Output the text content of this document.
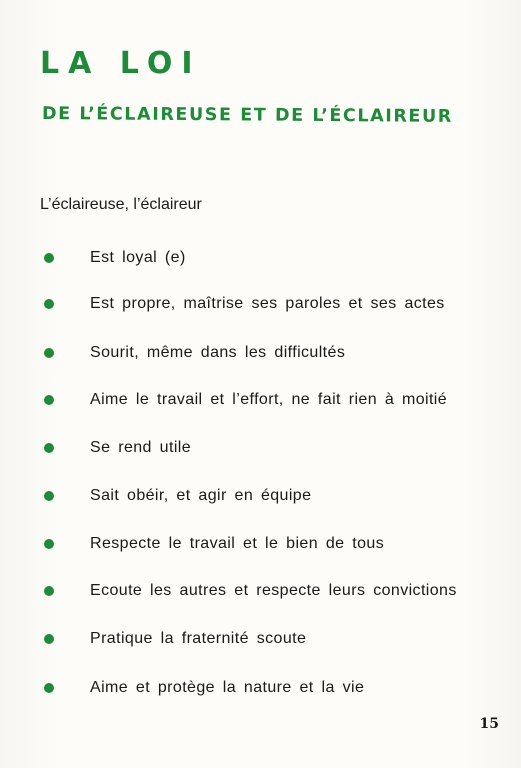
LA LOI
DE L’ÉCLAIREUSE ET DE L’ÉCLAIREUR

L’éclaireuse, l’éclaireur

Est loyal (e)
Est propre, maîtrise ses paroles et ses actes
Sourit, même dans les difficultés
Aime le travail et l’effort, ne fait rien à moitié
Se rend utile
Sait obéir, et agir en équipe
Respecte le travail et le bien de tous
Ecoute les autres et respecte leurs convictions
Pratique la fraternité scoute
Aime et protège la nature et la vie
15
